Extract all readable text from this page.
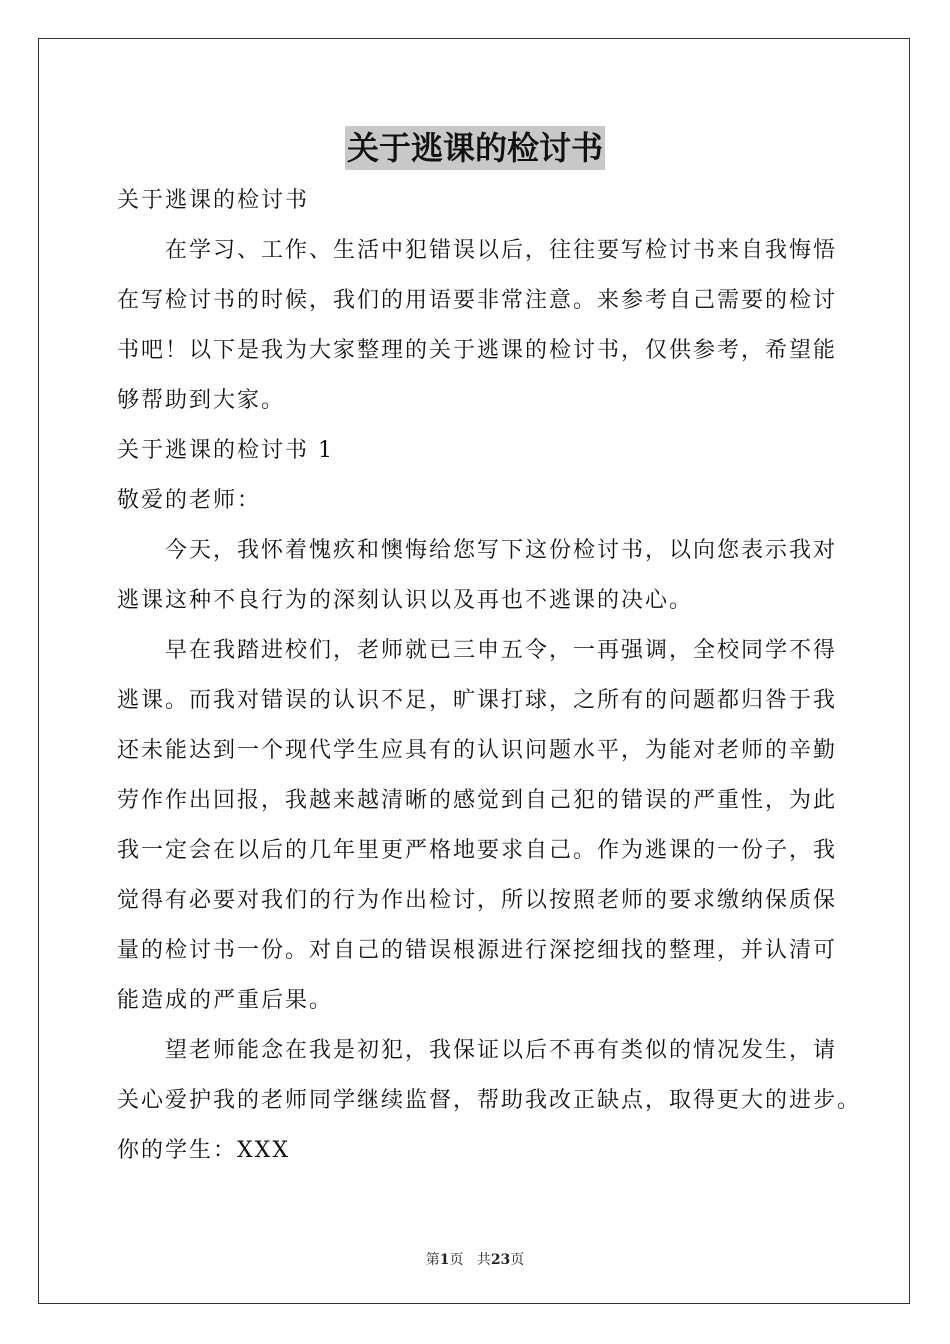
关于逃课的检讨书
关于逃课的检讨书
在学习、工作、生活中犯错误以后，往往要写检讨书来自我悔悟
在写检讨书的时候，我们的用语要非常注意。来参考自己需要的检讨
书吧！以下是我为大家整理的关于逃课的检讨书，仅供参考，希望能
够帮助到大家。
关于逃课的检讨书 1
敬爱的老师：
今天，我怀着愧疚和懊悔给您写下这份检讨书，以向您表示我对
逃课这种不良行为的深刻认识以及再也不逃课的决心。
早在我踏进校们，老师就已三申五令，一再强调，全校同学不得
逃课。而我对错误的认识不足，旷课打球，之所有的问题都归咎于我
还未能达到一个现代学生应具有的认识问题水平，为能对老师的辛勤
劳作作出回报，我越来越清晰的感觉到自己犯的错误的严重性，为此
我一定会在以后的几年里更严格地要求自己。作为逃课的一份子，我
觉得有必要对我们的行为作出检讨，所以按照老师的要求缴纳保质保
量的检讨书一份。对自己的错误根源进行深挖细找的整理，并认清可
能造成的严重后果。
望老师能念在我是初犯，我保证以后不再有类似的情况发生，请
关心爱护我的老师同学继续监督，帮助我改正缺点，取得更大的进步。
你的学生：XXX
第1页 共23页
